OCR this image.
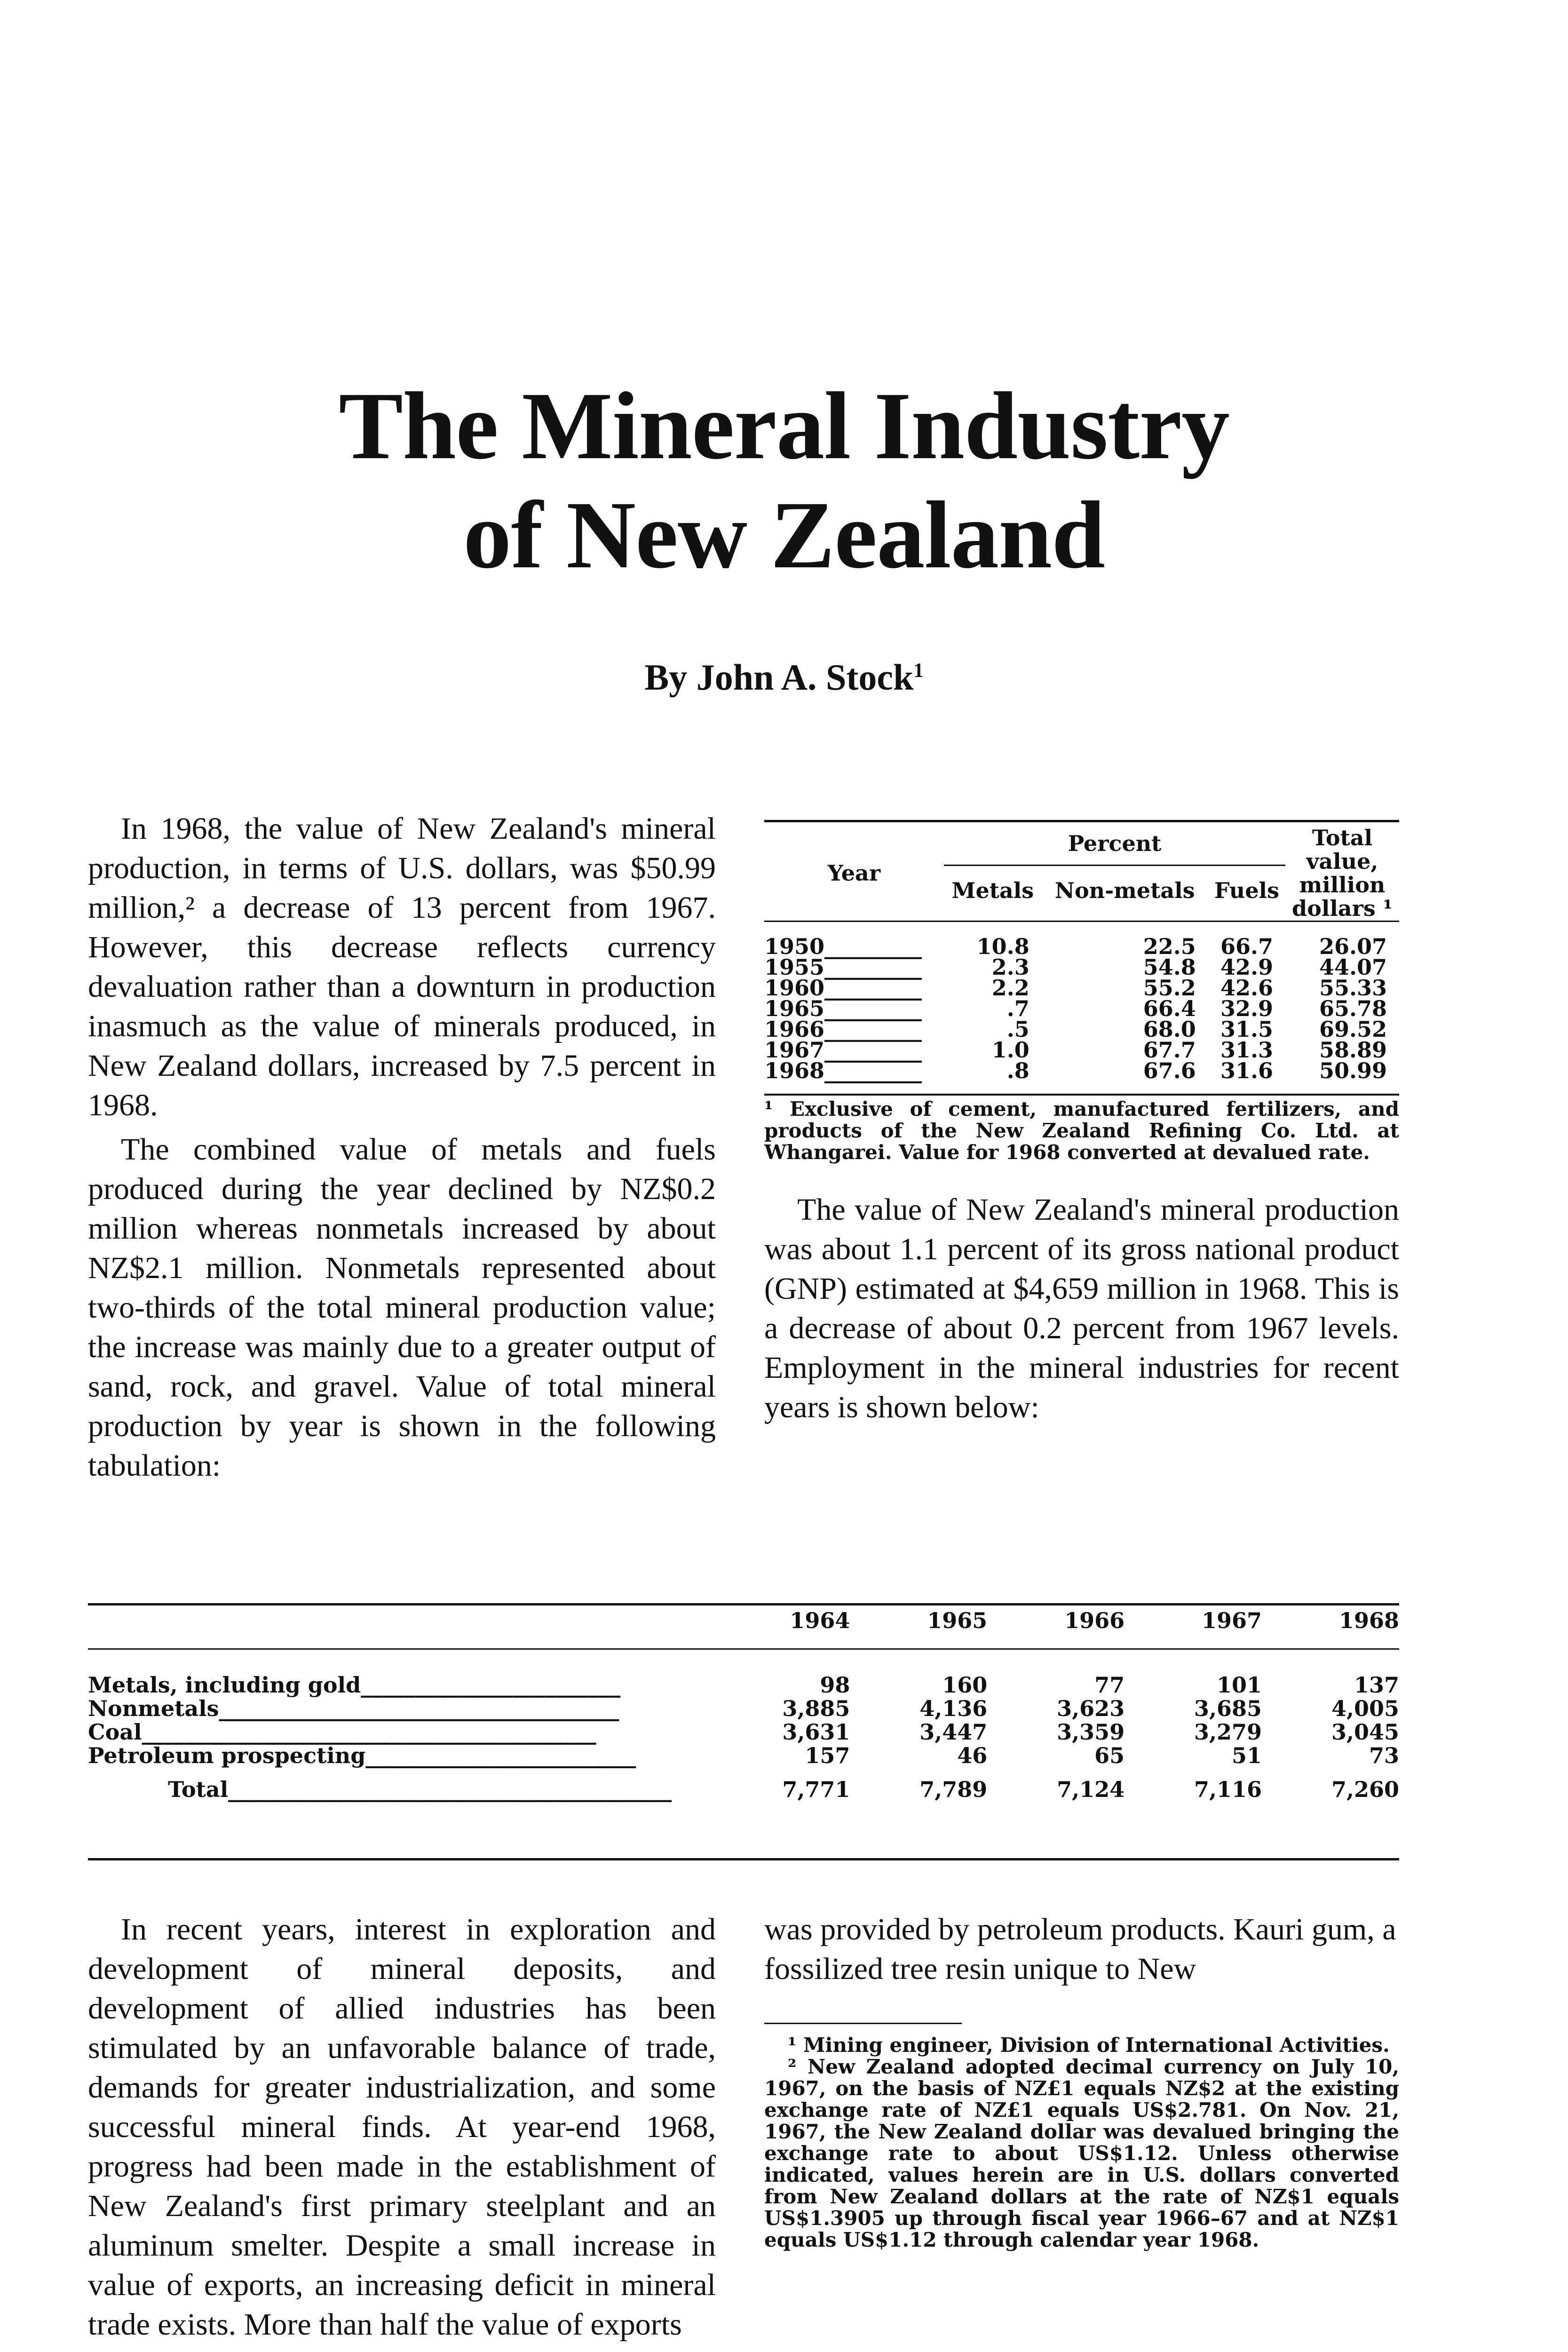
The Mineral Industry
of New Zealand
By John A. Stock$^1$

In 1968, the value of New Zealand's mineral production, in terms of U.S. dollars, was $50.99 million,² a decrease of 13 percent from 1967. However, this decrease reflects currency devaluation rather than a downturn in production inasmuch as the value of minerals produced, in New Zealand dollars, increased by 7.5 percent in 1968.

The combined value of metals and fuels produced during the year declined by NZ$0.2 million whereas nonmetals increased by about NZ$2.1 million. Nonmetals represented about two-thirds of the total mineral production value; the increase was mainly due to a greater output of sand, rock, and gravel. Value of total mineral production by year is shown in the following tabulation:

Year	Percent			Total value, million dollars ¹
	Metals	Non-metals	Fuels	

1950_________	10.8	22.5	66.7	26.07
1955_________	2.3	54.8	42.9	44.07
1960_________	2.2	55.2	42.6	55.33
1965_________	.7	66.4	32.9	65.78
1966_________	.5	68.0	31.5	69.52
1967_________	1.0	67.7	31.3	58.89
1968_________	.8	67.6	31.6	50.99
¹ Exclusive of cement, manufactured fertilizers, and products of the New Zealand Refining Co. Ltd. at Whangarei. Value for 1968 converted at devalued rate.

The value of New Zealand's mineral production was about 1.1 percent of its gross national product (GNP) estimated at $4,659 million in 1968. This is a decrease of about 0.2 percent from 1967 levels. Employment in the mineral industries for recent years is shown below:

	1964	1965	1966	1967	1968

Metals, including gold________________________	98	160	77	101	137
Nonmetals_____________________________________	3,885	4,136	3,623	3,685	4,005
Coal__________________________________________	3,631	3,447	3,359	3,279	3,045
Petroleum prospecting_________________________	157	46	65	51	73

Total_________________________________________	7,771	7,789	7,124	7,116	7,260

In recent years, interest in exploration and development of mineral deposits, and development of allied industries has been stimulated by an unfavorable balance of trade, demands for greater industrialization, and some successful mineral finds. At year-end 1968, progress had been made in the establishment of New Zealand's first primary steelplant and an aluminum smelter. Despite a small increase in value of exports, an increasing deficit in mineral trade exists. More than half the value of exports

was provided by petroleum products. Kauri gum, a fossilized tree resin unique to New

¹ Mining engineer, Division of International Activities.
² New Zealand adopted decimal currency on July 10, 1967, on the basis of NZ£1 equals NZ$2 at the existing exchange rate of NZ£1 equals US$2.781. On Nov. 21, 1967, the New Zealand dollar was devalued bringing the exchange rate to about US$1.12. Unless otherwise indicated, values herein are in U.S. dollars converted from New Zealand dollars at the rate of NZ$1 equals US$1.3905 up through fiscal year 1966–67 and at NZ$1 equals US$1.12 through calendar year 1968.
